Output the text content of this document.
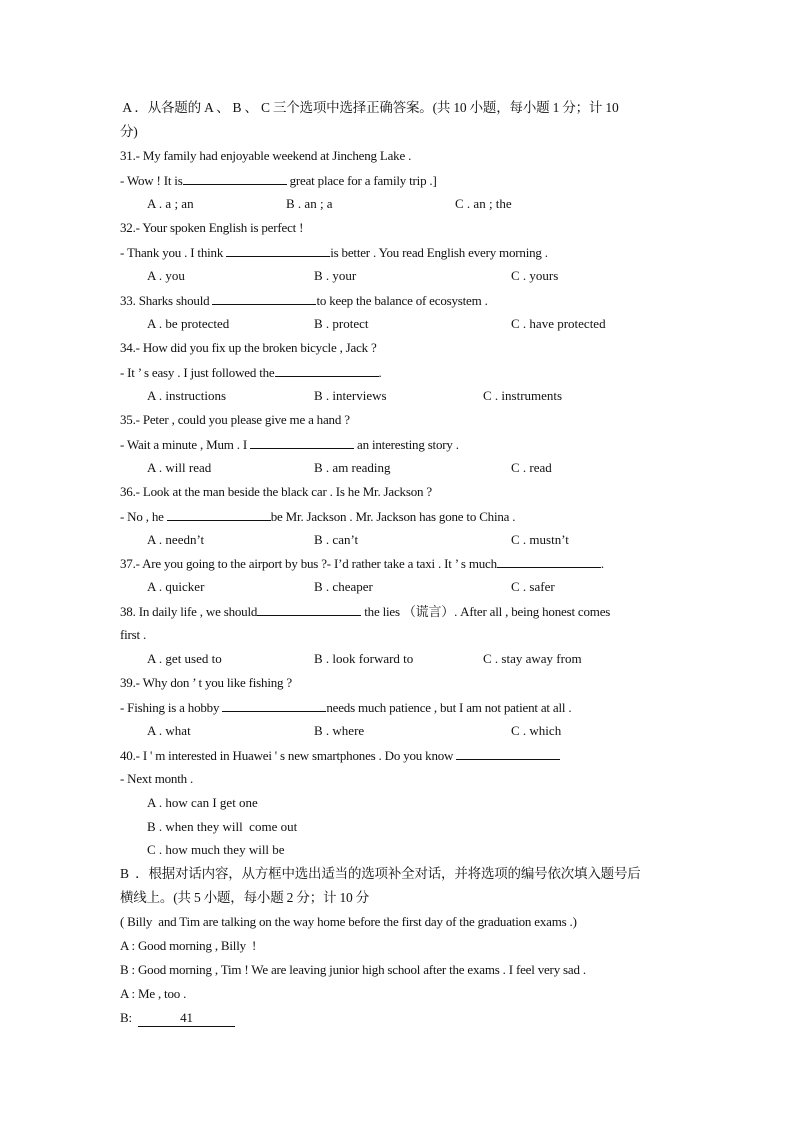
A ．从各题的 A 、 B 、 C 三个选项中选择正确答案。(共 10 小题，每小题 1 分；计 10
分)
31.- My family had enjoyable weekend at Jincheng Lake .
- Wow ! It is	great place for a family trip .]
A . a ; an	B . an ; a	C . an ; the
32.- Your spoken English is perfect !
- Thank you . I think	is better . You read English every morning .
A . you	B . your	C . yours
33. Sharks should	to keep the balance of ecosystem .
A . be protected	B . protect	C . have protected
34.- How did you fix up the broken bicycle , Jack ?
- It ’ s easy . I just followed the	.
A . instructions	B . interviews	C . instruments
35.- Peter , could you please give me a hand ?
- Wait a minute , Mum . I	an interesting story .
A . will read	B . am reading	C . read
36.- Look at the man beside the black car . Is he Mr. Jackson ?
- No , he	be Mr. Jackson . Mr. Jackson has gone to China .
A . needn’t	B . can’t	C . mustn’t
37.- Are you going to the airport by bus ?- I’d rather take a taxi . It ’ s much	.
A . quicker	B . cheaper	C . safer
38. In daily life , we should	the lies （谎言）. After all , being honest comes
first .
A . get used to	B . look forward to	C . stay away from
39.- Why don ’ t you like fishing ?
- Fishing is a hobby	needs much patience , but I am not patient at all .
A . what	B . where	C . which
40.- I ' m interested in Huawei ' s new smartphones . Do you know
- Next month .
A . how can I get one
B . when they will  come out
C . how much they will be
B  ．根据对话内容，从方框中选出适当的选项补全对话，并将选项的编号依次填入题号后
横线上。(共 5 小题，每小题 2 分；计 10 分
( Billy  and Tim are talking on the way home before the first day of the graduation exams .)
A : Good morning , Billy  !
B : Good morning , Tim ! We are leaving junior high school after the exams . I feel very sad .
A : Me , too .
B:	41
